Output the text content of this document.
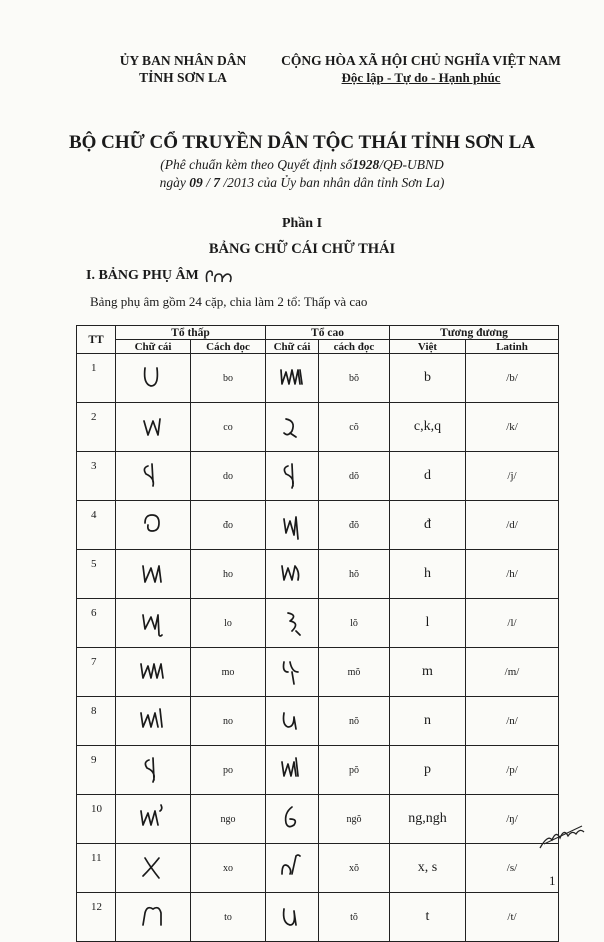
ỦY BAN NHÂN DÂN
TỈNH SƠN LA
CỘNG HÒA XÃ HỘI CHỦ NGHĨA VIỆT NAM
Độc lập - Tự do - Hạnh phúc
BỘ CHỮ CỔ TRUYỀN DÂN TỘC THÁI TỈNH SƠN LA
(Phê chuẩn kèm theo Quyết định số1928/QĐ-UBND
ngày 09 / 7 /2013 của Ủy ban nhân dân tỉnh Sơn La)
Phần I
BẢNG CHỮ CÁI CHỮ THÁI
I. BẢNG PHỤ ÂM
Bảng phụ âm gồm 24 cặp, chia làm 2 tổ: Thấp và cao
TT	Tổ thấp		Tổ cao		Tương đương	
	Chữ cái	Cách đọc	Chữ cái	cách đọc	Việt	Latinh
1		bo		bŏ	b	/b/
2		co		cŏ	c,k,q	/k/
3		do		dŏ	d	/j/
4		đo		đŏ	đ	/d/
5		ho		hŏ	h	/h/
6		lo		lŏ	l	/l/
7		mo		mŏ	m	/m/
8		no		nŏ	n	/n/
9		po		pŏ	p	/p/
10		ngo		ngŏ	ng,ngh	/ŋ/
11		xo		xŏ	x, s	/s/
12		to		tŏ	t	/t/
1
